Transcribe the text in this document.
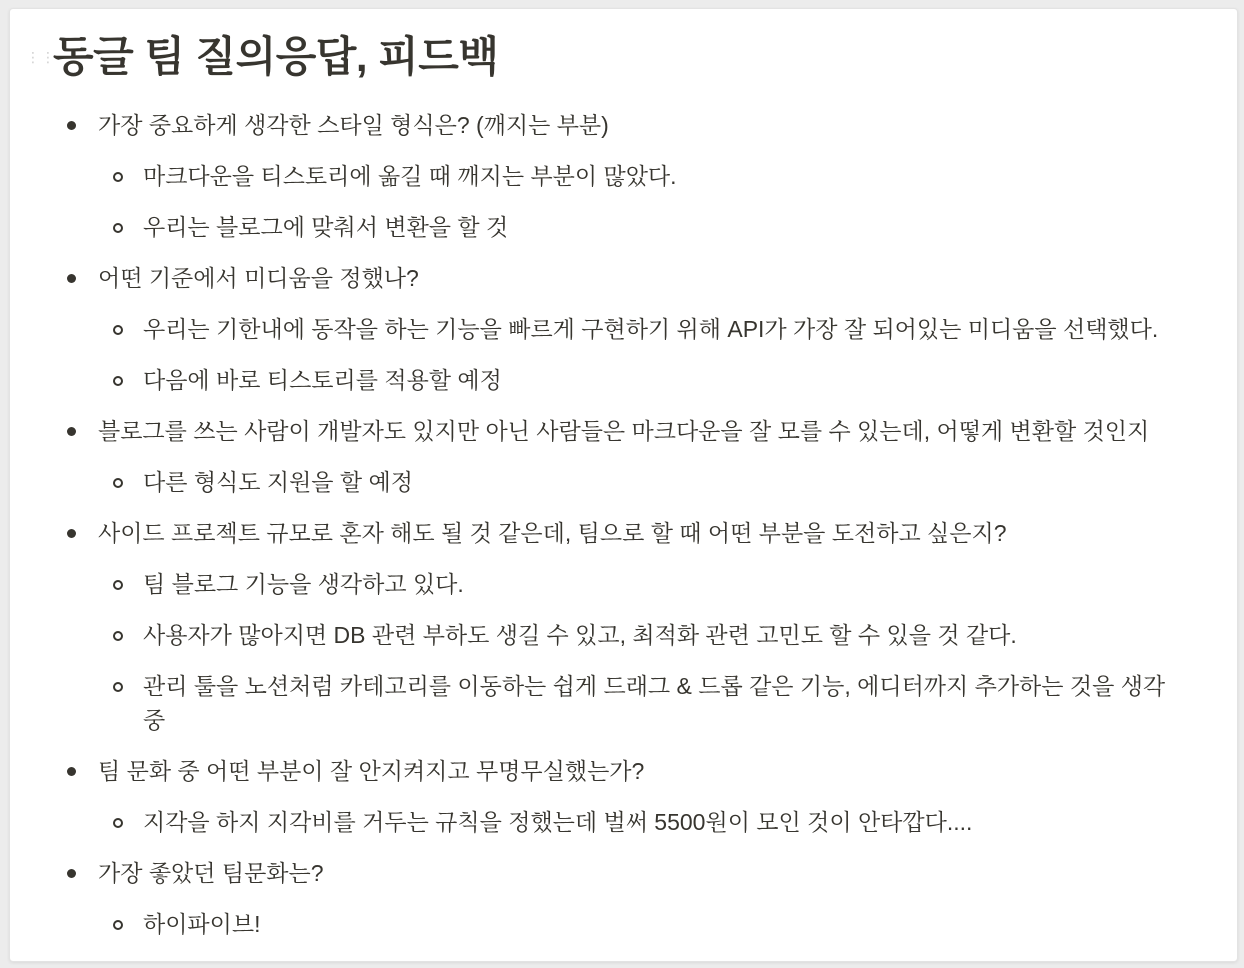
⋮⋮
동글 팀 질의응답, 피드백
가장 중요하게 생각한 스타일 형식은? (깨지는 부분)
마크다운을 티스토리에 옮길 때 깨지는 부분이 많았다.
우리는 블로그에 맞춰서 변환을 할 것
어떤 기준에서 미디움을 정했나?
우리는 기한내에 동작을 하는 기능을 빠르게 구현하기 위해 API가 가장 잘 되어있는 미디움을 선택했다.
다음에 바로 티스토리를 적용할 예정
블로그를 쓰는 사람이 개발자도 있지만 아닌 사람들은 마크다운을 잘 모를 수 있는데, 어떻게 변환할 것인지
다른 형식도 지원을 할 예정
사이드 프로젝트 규모로 혼자 해도 될 것 같은데, 팀으로 할 때 어떤 부분을 도전하고 싶은지?
팀 블로그 기능을 생각하고 있다.
사용자가 많아지면 DB 관련 부하도 생길 수 있고, 최적화 관련 고민도 할 수 있을 것 같다.
관리 툴을 노션처럼 카테고리를 이동하는 쉽게 드래그 & 드롭 같은 기능, 에디터까지 추가하는 것을 생각중
팀 문화 중 어떤 부분이 잘 안지켜지고 무명무실했는가?
지각을 하지 지각비를 거두는 규칙을 정했는데 벌써 5500원이 모인 것이 안타깝다....
가장 좋았던 팀문화는?
하이파이브!
